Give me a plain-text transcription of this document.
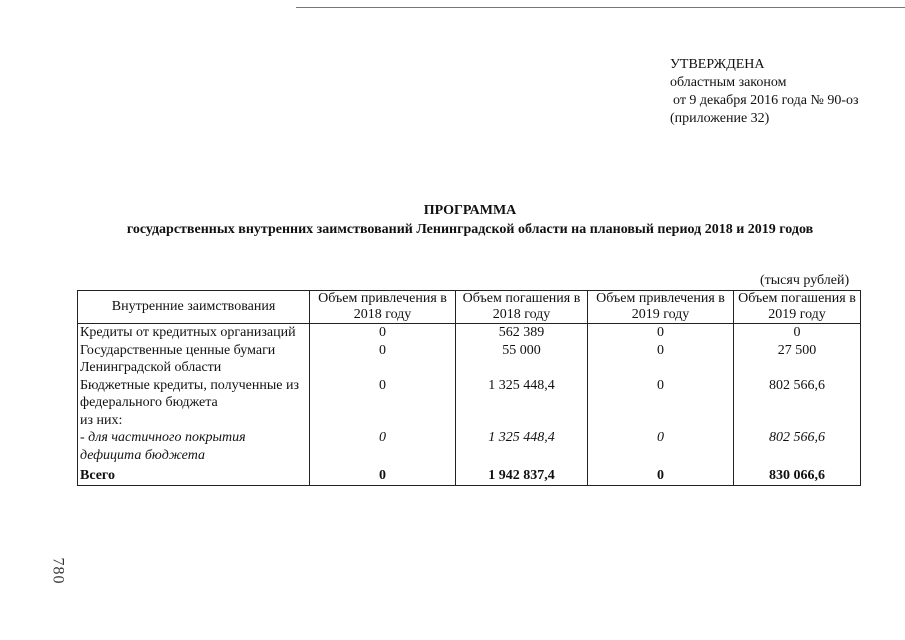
УТВЕРЖДЕНА
областным законом
от 9 декабря 2016 года № 90-оз
(приложение 32)
ПРОГРАММА
государственных внутренних заимствований Ленинградской области на плановый период 2018 и 2019 годов
(тысяч рублей)
Внутренние заимствования	Объем привлечения в 2018 году	Объем погашения в 2018 году	Объем привлечения в 2019 году	Объем погашения в 2019 году
Кредиты от кредитных организаций	0	562 389	0	0
Государственные ценные бумаги Ленинградской области	0	55 000	0	27 500
Бюджетные кредиты, полученные из федерального бюджета	0	1 325 448,4	0	802 566,6
из них:				
- для частичного покрытия дефицита бюджета	0	1 325 448,4	0	802 566,6
Всего	0	1 942 837,4	0	830 066,6
780
